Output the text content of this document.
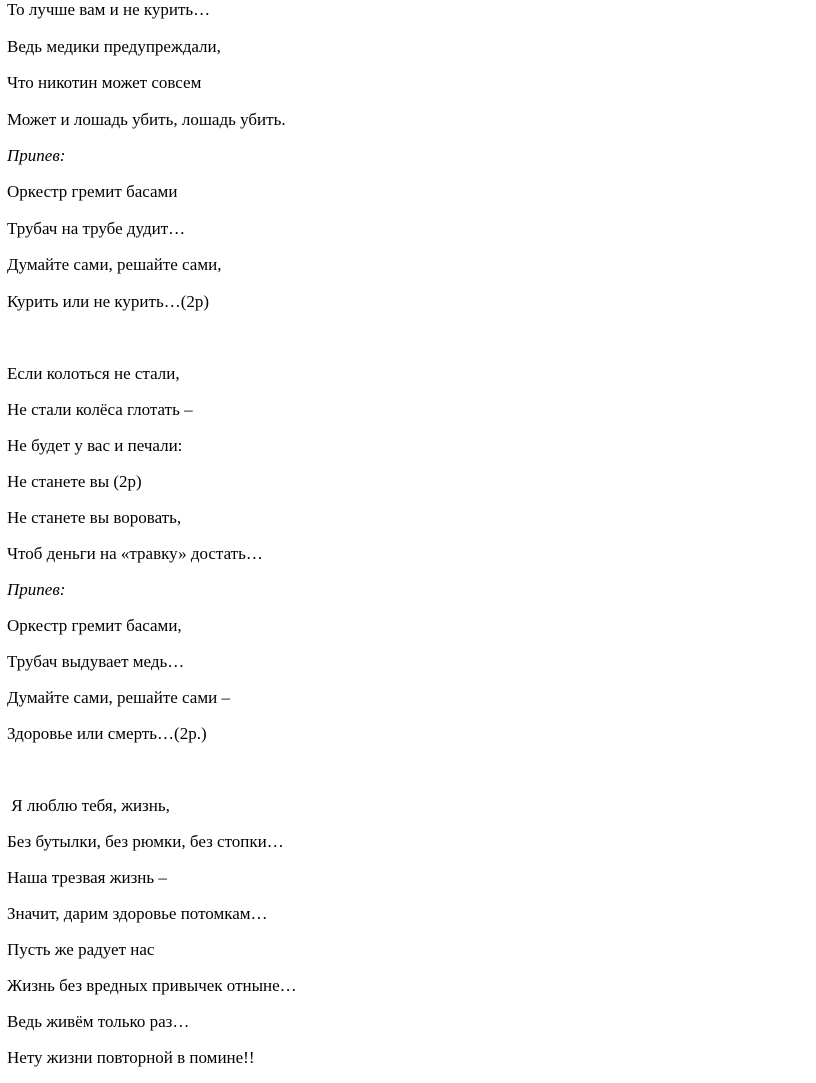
То лучше вам и не курить…

Ведь медики предупреждали,

Что никотин может совсем

Может и лошадь убить, лошадь убить.

Припев:

Оркестр гремит басами

Трубач на трубе дудит…

Думайте сами, решайте сами,

Курить или не курить…(2р)

Если колоться не стали,

Не стали колёса глотать –

Не будет у вас и печали:

Не станете вы (2р)

Не станете вы воровать,

Чтоб деньги на «травку» достать…

Припев:

Оркестр гремит басами,

Трубач выдувает медь…

Думайте сами, решайте сами –

Здоровье или смерть…(2р.)

Я люблю тебя, жизнь,

Без бутылки, без рюмки, без стопки…

Наша трезвая жизнь –

Значит, дарим здоровье потомкам…

Пусть же радует нас

Жизнь без вредных привычек отныне…

Ведь живём только раз…

Нету жизни повторной в помине!!
